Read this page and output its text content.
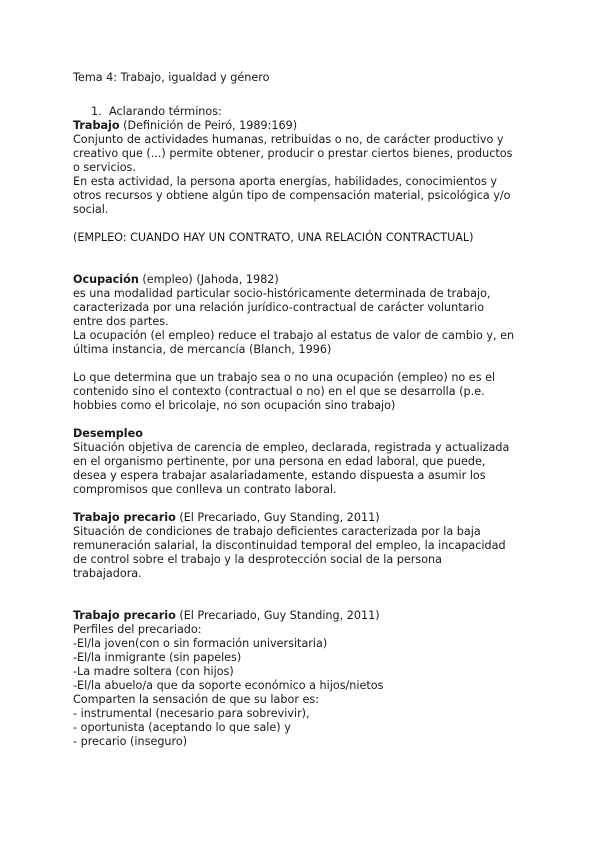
Tema 4: Trabajo, igualdad y género

1. Aclarando términos:

Trabajo (Definición de Peiró, 1989:169)

Conjunto de actividades humanas, retribuidas o no, de carácter productivo y

creativo que (...) permite obtener, producir o prestar ciertos bienes, productos

o servicios.

En esta actividad, la persona aporta energías, habilidades, conocimientos y

otros recursos y obtiene algún tipo de compensación material, psicológica y/o

social.

(EMPLEO: CUANDO HAY UN CONTRATO, UNA RELACIÓN CONTRACTUAL)

Ocupación (empleo) (Jahoda, 1982)

es una modalidad particular socio-históricamente determinada de trabajo,

caracterizada por una relación jurídico-contractual de carácter voluntario

entre dos partes.

La ocupación (el empleo) reduce el trabajo al estatus de valor de cambio y, en

última instancia, de mercancía (Blanch, 1996)

Lo que determina que un trabajo sea o no una ocupación (empleo) no es el

contenido sino el contexto (contractual o no) en el que se desarrolla (p.e.

hobbies como el bricolaje, no son ocupación sino trabajo)

Desempleo

Situación objetiva de carencia de empleo, declarada, registrada y actualizada

en el organismo pertinente, por una persona en edad laboral, que puede,

desea y espera trabajar asalariadamente, estando dispuesta a asumir los

compromisos que conlleva un contrato laboral.

Trabajo precario (El Precariado, Guy Standing, 2011)

Situación de condiciones de trabajo deficientes caracterizada por la baja

remuneración salarial, la discontinuidad temporal del empleo, la incapacidad

de control sobre el trabajo y la desprotección social de la persona

trabajadora.

Trabajo precario (El Precariado, Guy Standing, 2011)

Perfiles del precariado:

-El/la joven(con o sin formación universitaria)

-El/la inmigrante (sin papeles)

-La madre soltera (con hijos)

-El/la abuelo/a que da soporte económico a hijos/nietos

Comparten la sensación de que su labor es:

- instrumental (necesario para sobrevivir),

- oportunista (aceptando lo que sale) y

- precario (inseguro)
